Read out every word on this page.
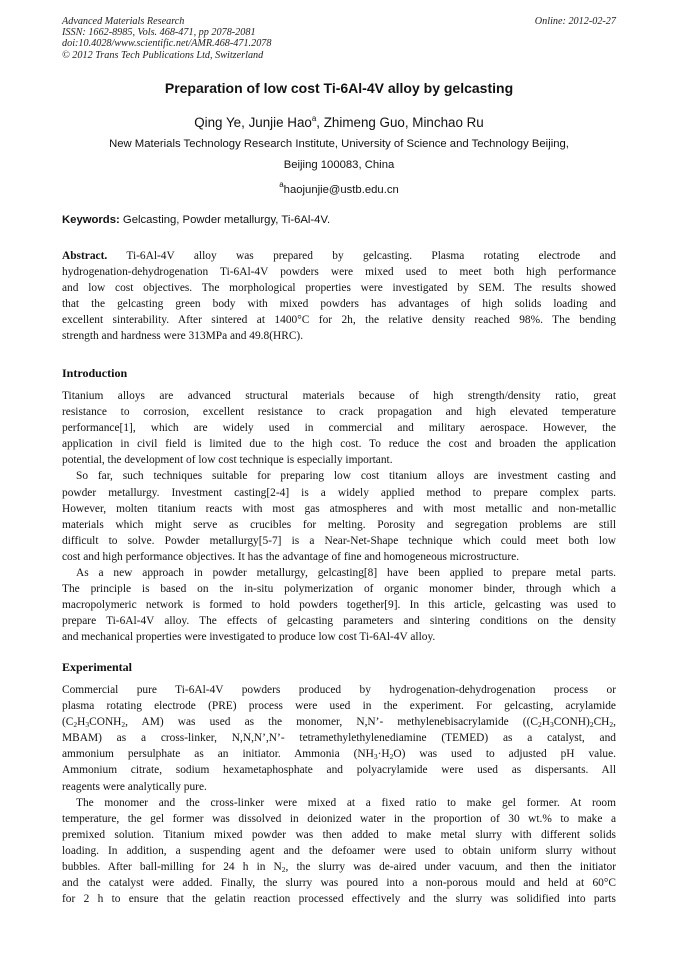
Advanced Materials Research
ISSN: 1662-8985, Vols. 468-471, pp 2078-2081
doi:10.4028/www.scientific.net/AMR.468-471.2078
© 2012 Trans Tech Publications Ltd, Switzerland
Online: 2012-02-27
Preparation of low cost Ti-6Al-4V alloy by gelcasting
Qing Ye, Junjie Hao$^a$, Zhimeng Guo, Minchao Ru
New Materials Technology Research Institute, University of Science and Technology Beijing,
Beijing 100083, China
$^a$haojunjie@ustb.edu.cn
Keywords: Gelcasting, Powder metallurgy, Ti-6Al-4V.
Abstract. Ti-6Al-4V alloy was prepared by gelcasting. Plasma rotating electrode and
hydrogenation-dehydrogenation Ti-6Al-4V powders were mixed used to meet both high performance
and low cost objectives. The morphological properties were investigated by SEM. The results showed
that the gelcasting green body with mixed powders has advantages of high solids loading and
excellent sinterability. After sintered at 1400°C for 2h, the relative density reached 98%. The bending
strength and hardness were 313MPa and 49.8(HRC).
Introduction
Titanium alloys are advanced structural materials because of high strength/density ratio, great
resistance to corrosion, excellent resistance to crack propagation and high elevated temperature
performance[1], which are widely used in commercial and military aerospace. However, the
application in civil field is limited due to the high cost. To reduce the cost and broaden the application
potential, the development of low cost technique is especially important.
So far, such techniques suitable for preparing low cost titanium alloys are investment casting and
powder metallurgy. Investment casting[2-4] is a widely applied method to prepare complex parts.
However, molten titanium reacts with most gas atmospheres and with most metallic and non-metallic
materials which might serve as crucibles for melting. Porosity and segregation problems are still
difficult to solve. Powder metallurgy[5-7] is a Near-Net-Shape technique which could meet both low
cost and high performance objectives. It has the advantage of fine and homogeneous microstructure.
As a new approach in powder metallurgy, gelcasting[8] have been applied to prepare metal parts.
The principle is based on the in-situ polymerization of organic monomer binder, through which a
macropolymeric network is formed to hold powders together[9]. In this article, gelcasting was used to
prepare Ti-6Al-4V alloy. The effects of gelcasting parameters and sintering conditions on the density
and mechanical properties were investigated to produce low cost Ti-6Al-4V alloy.
Experimental
Commercial pure Ti-6Al-4V powders produced by hydrogenation-dehydrogenation process or
plasma rotating electrode (PRE) process were used in the experiment. For gelcasting, acrylamide
($C_2H_3CONH_2$, AM) was used as the monomer, N,N’- methylenebisacrylamide ($(C_2H_3CONH)_2CH_2$,
MBAM) as a cross-linker, N,N,N’,N’- tetramethylethylenediamine (TEMED) as a catalyst, and
ammonium persulphate as an initiator. Ammonia $(NH_3\cdot H_2O)$ was used to adjusted pH value.
Ammonium citrate, sodium hexametaphosphate and polyacrylamide were used as dispersants. All
reagents were analytically pure.
The monomer and the cross-linker were mixed at a fixed ratio to make gel former. At room
temperature, the gel former was dissolved in deionized water in the proportion of 30 wt.% to make a
premixed solution. Titanium mixed powder was then added to make metal slurry with different solids
loading. In addition, a suspending agent and the defoamer were used to obtain uniform slurry without
bubbles. After ball-milling for 24 h in $N_2$, the slurry was de-aired under vacuum, and then the initiator
and the catalyst were added. Finally, the slurry was poured into a non-porous mould and held at 60°C
for 2 h to ensure that the gelatin reaction processed effectively and the slurry was solidified into parts
